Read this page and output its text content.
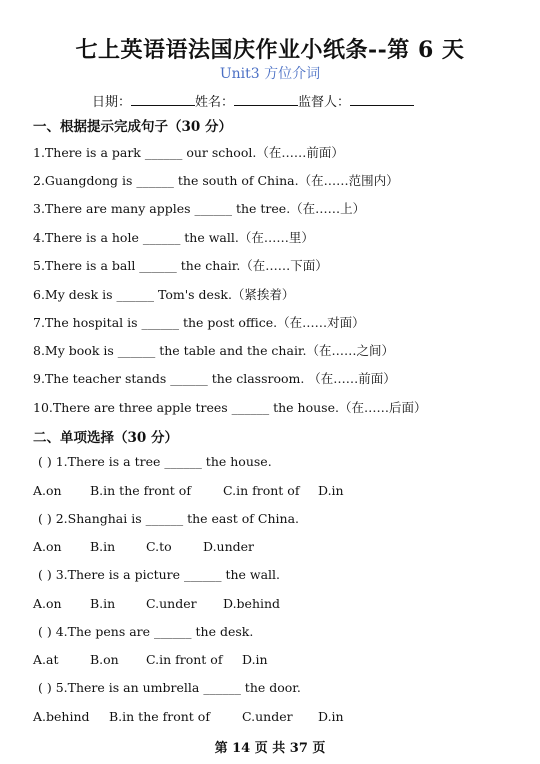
七上英语语法国庆作业小纸条--第 6 天
Unit3 方位介词
日期：	姓名：	监督人：
一、根据提示完成句子（30 分）
1.There is a park ______ our school.（在……前面）
2.Guangdong is ______ the south of China.（在……范围内）
3.There are many apples ______ the tree.（在……上）
4.There is a hole ______ the wall.（在……里）
5.There is a ball ______ the chair.（在……下面）
6.My desk is ______ Tom's desk.（紧挨着）
7.The hospital is ______ the post office.（在……对面）
8.My book is ______ the table and the chair.（在……之间）
9.The teacher stands ______ the classroom. （在……前面）
10.There are three apple trees ______ the house.（在……后面）
二、单项选择（30 分）
( ) 1.There is a tree ______ the house.
A.on B.in the front of	C.in front of D.in
( ) 2.Shanghai is ______ the east of China.
A.on B.in C.to	D.under
( ) 3.There is a picture ______ the wall.
A.on B.in C.under D.behind
( ) 4.The pens are ______ the desk.
A.at	B.on C.in front of D.in
( ) 5.There is an umbrella ______ the door.
A.behind B.in the front of	C.under D.in
第 14 页 共 37 页
